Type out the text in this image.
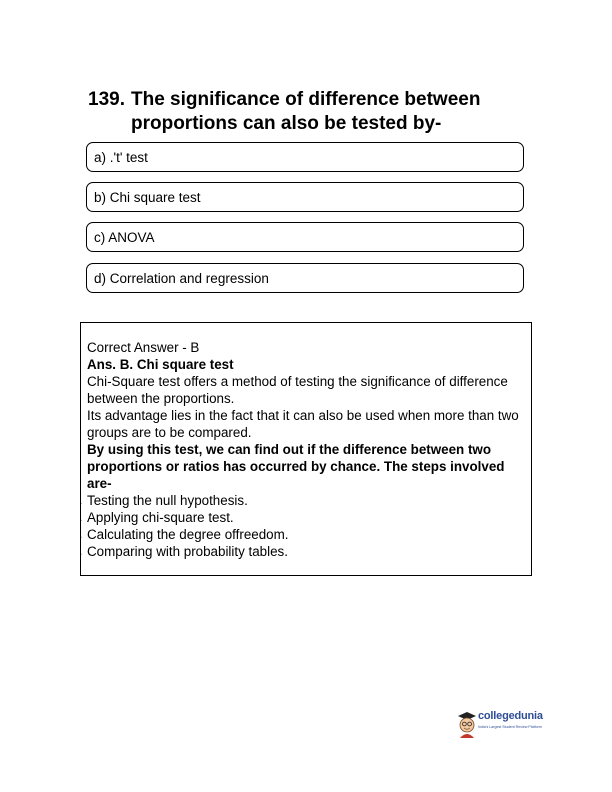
139. The significance of difference between proportions can also be tested by-
a) .'t' test
b) Chi square test
c) ANOVA
d) Correlation and regression
Correct Answer - B
Ans. B. Chi square test
Chi-Square test offers a method of testing the significance of difference between the proportions.
Its advantage lies in the fact that it can also be used when more than two groups are to be compared.
By using this test, we can find out if the difference between two proportions or ratios has occurred by chance. The steps involved are-
. Testing the null hypothesis.
. Applying chi-square test.
. Calculating the degree offreedom.
. Comparing with probability tables.
collegedunia
India's Largest Student Review Platform
